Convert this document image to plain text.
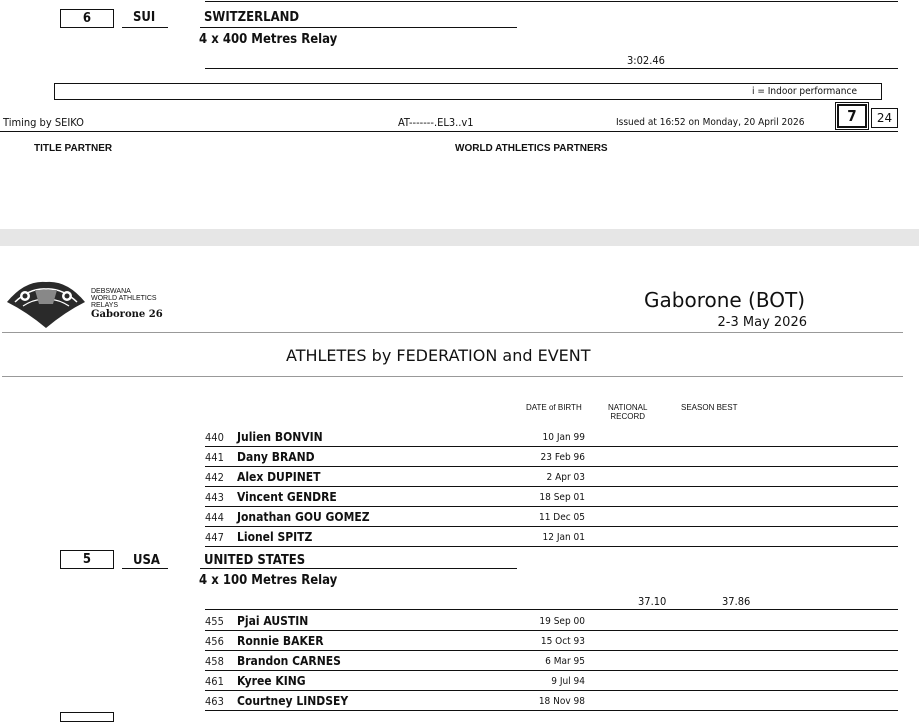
6	SUI	SWITZERLAND
4 x 400 Metres Relay
3:02.46
i = Indoor performance
Timing by SEIKO	AT-------.EL3..v1	Issued at 16:52 on Monday, 20 April 2026	7	24
TITLE PARTNER	WORLD ATHLETICS PARTNERS
DEBSWANA
WORLD ATHLETICS
RELAYS
Gaborone 26
Gaborone (BOT)
2-3 May 2026
ATHLETES by FEDERATION and EVENT
DATE of BIRTH	NATIONAL
RECORD
SEASON BEST
440 Julien BONVIN	10 Jan 99
441 Dany BRAND	23 Feb 96
442 Alex DUPINET	2 Apr 03
443 Vincent GENDRE	18 Sep 01
444 Jonathan GOU GOMEZ	11 Dec 05
447 Lionel SPITZ	12 Jan 01
5	USA	UNITED STATES
4 x 100 Metres Relay
37.10	37.86
455 Pjai AUSTIN	19 Sep 00
456 Ronnie BAKER	15 Oct 93
458 Brandon CARNES	6 Mar 95
461 Kyree KING	9 Jul 94
463 Courtney LINDSEY	18 Nov 98
